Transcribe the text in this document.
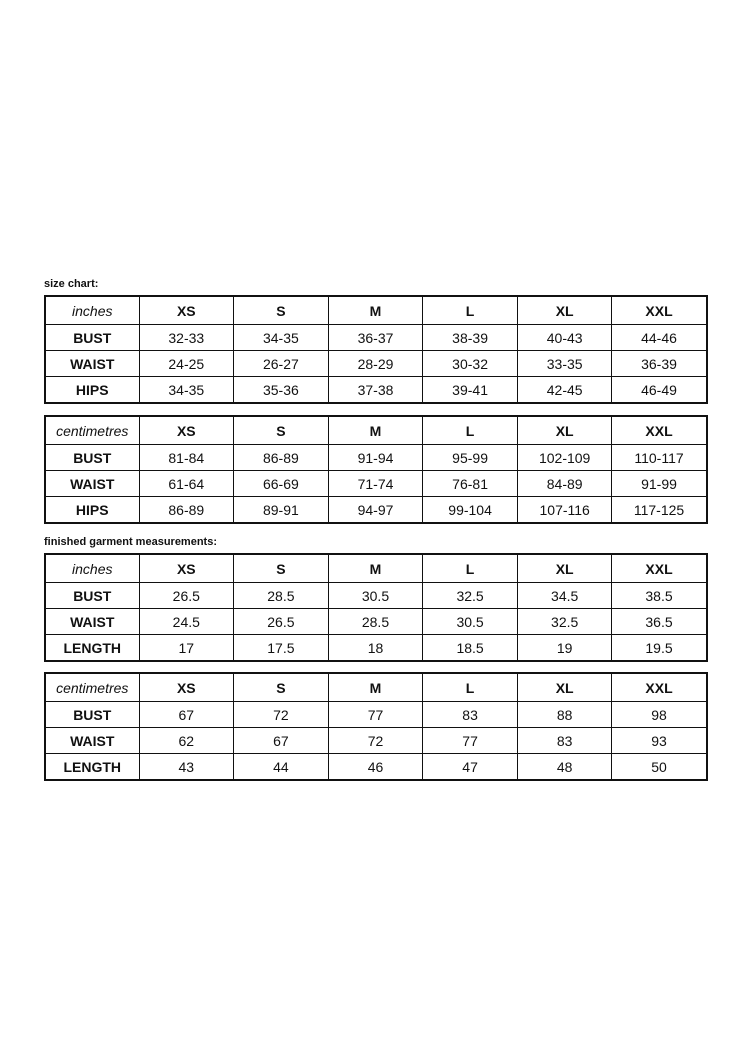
size chart:
inches	XS	S	M	L	XL	XXL
BUST	32-33	34-35	36-37	38-39	40-43	44-46
WAIST	24-25	26-27	28-29	30-32	33-35	36-39
HIPS	34-35	35-36	37-38	39-41	42-45	46-49
centimetres	XS	S	M	L	XL	XXL
BUST	81-84	86-89	91-94	95-99	102-109	110-117
WAIST	61-64	66-69	71-74	76-81	84-89	91-99
HIPS	86-89	89-91	94-97	99-104	107-116	117-125
finished garment measurements:
inches	XS	S	M	L	XL	XXL
BUST	26.5	28.5	30.5	32.5	34.5	38.5
WAIST	24.5	26.5	28.5	30.5	32.5	36.5
LENGTH	17	17.5	18	18.5	19	19.5
centimetres	XS	S	M	L	XL	XXL
BUST	67	72	77	83	88	98
WAIST	62	67	72	77	83	93
LENGTH	43	44	46	47	48	50
